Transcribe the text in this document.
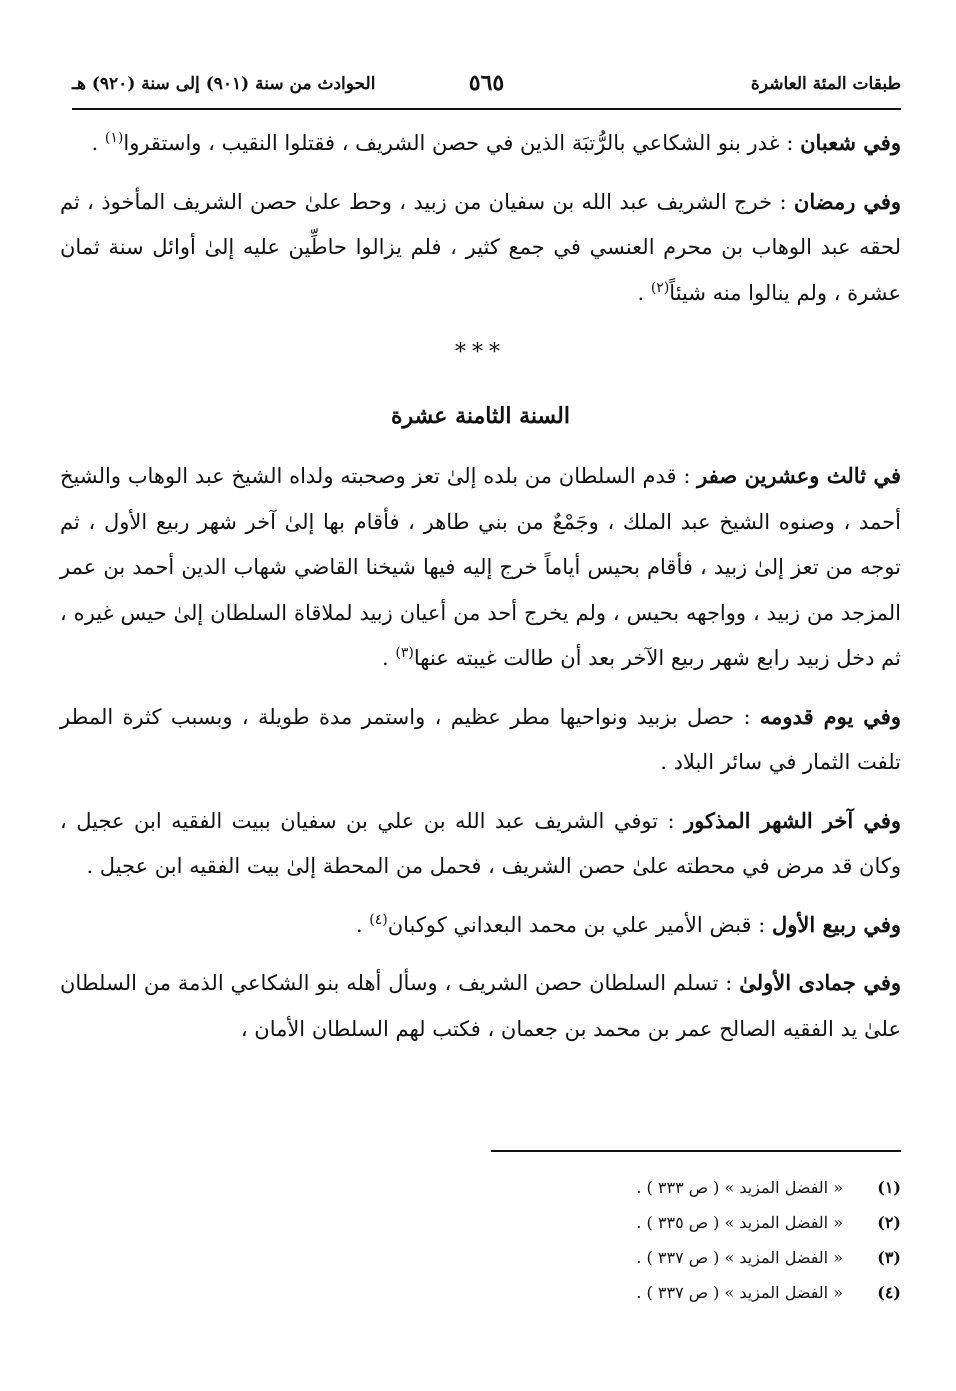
طبقات المئة العاشرة
٥٦٥
الحوادث من سنة (٩٠١) إلى سنة (٩٢٠) هـ

وفي شعبان : غدر بنو الشكاعي بالرُّتبَة الذين في حصن الشريف ، فقتلوا النقيب ، واستقروا$^{(١)}$ .

وفي رمضان : خرج الشريف عبد الله بن سفيان من زبيد ، وحط علىٰ حصن الشريف المأخوذ ، ثم لحقه عبد الوهاب بن محرم العنسي في جمع كثير ، فلم يزالوا حاطِّين عليه إلىٰ أوائل سنة ثمان عشرة ، ولم ينالوا منه شيئاً$^{(٢)}$ .

***
السنة الثامنة عشرة

في ثالث وعشرين صفر : قدم السلطان من بلده إلىٰ تعز وصحبته ولداه الشيخ عبد الوهاب والشيخ أحمد ، وصنوه الشيخ عبد الملك ، وجَمْعٌ من بني طاهر ، فأقام بها إلىٰ آخر شهر ربيع الأول ، ثم توجه من تعز إلىٰ زبيد ، فأقام بحيس أياماً خرج إليه فيها شيخنا القاضي شهاب الدين أحمد بن عمر المزجد من زبيد ، وواجهه بحيس ، ولم يخرج أحد من أعيان زبيد لملاقاة السلطان إلىٰ حيس غيره ، ثم دخل زبيد رابع شهر ربيع الآخر بعد أن طالت غيبته عنها$^{(٣)}$ .

وفي يوم قدومه : حصل بزبيد ونواحيها مطر عظيم ، واستمر مدة طويلة ، وبسبب كثرة المطر تلفت الثمار في سائر البلاد .

وفي آخر الشهر المذكور : توفي الشريف عبد الله بن علي بن سفيان ببيت الفقيه ابن عجيل ، وكان قد مرض في محطته علىٰ حصن الشريف ، فحمل من المحطة إلىٰ بيت الفقيه ابن عجيل .

وفي ربيع الأول : قبض الأمير علي بن محمد البعداني كوكبان$^{(٤)}$ .

وفي جمادى الأولىٰ : تسلم السلطان حصن الشريف ، وسأل أهله بنو الشكاعي الذمة من السلطان علىٰ يد الفقيه الصالح عمر بن محمد بن جعمان ، فكتب لهم السلطان الأمان ،

(١)
« الفضل المزيد » ( ص ٣٣٣ ) .
(٢)
« الفضل المزيد » ( ص ٣٣٥ ) .
(٣)
« الفضل المزيد » ( ص ٣٣٧ ) .
(٤)
« الفضل المزيد » ( ص ٣٣٧ ) .
